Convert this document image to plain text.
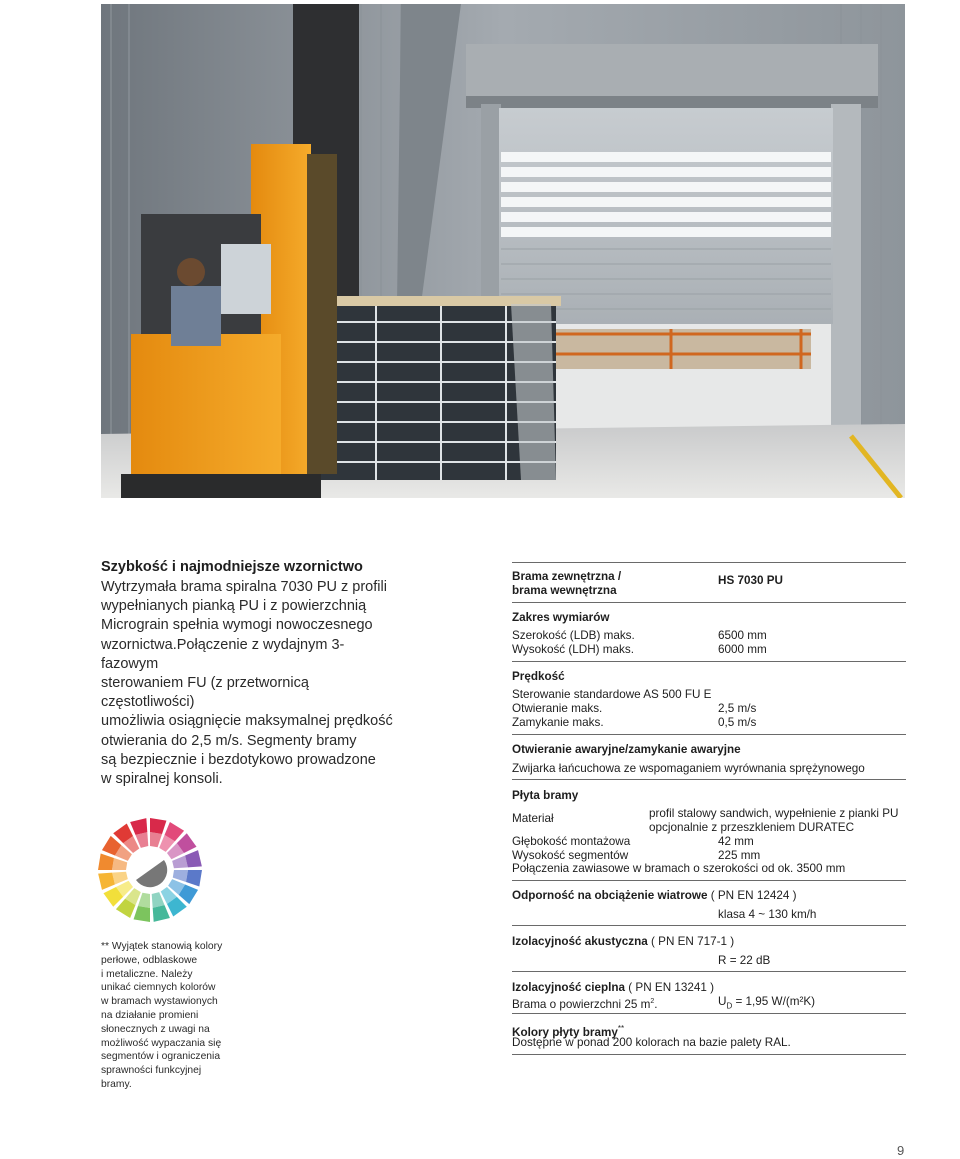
Szybkość i najmodniejsze wzornictwo
Wytrzymała brama spiralna 7030 PU z profili
wypełnianych pianką PU i z powierzchnią
Micrograin spełnia wymogi nowoczesnego
wzornictwa.Połączenie z wydajnym 3-fazowym
sterowaniem FU (z przetwornicą częstotliwości)
umożliwia osiągnięcie maksymalnej prędkość
otwierania do 2,5 m/s. Segmenty bramy
są bezpiecznie i bezdotykowo prowadzone
w spiralnej konsoli.
** Wyjątek stanowią kolory
perłowe, odblaskowe
i metaliczne. Należy
unikać ciemnych kolorów
w bramach wystawionych
na działanie promieni
słonecznych z uwagi na
możliwość wypaczania się
segmentów i ograniczenia
sprawności funkcyjnej
bramy.
Brama zewnętrzna /
brama wewnętrzna
HS 7030 PU
Zakres wymiarów
Szerokość (LDB) maks.	6500 mm
Wysokość (LDH) maks.	6000 mm
Prędkość
Sterowanie standardowe AS 500 FU E
Otwieranie maks.	2,5 m/s
Zamykanie maks.	0,5 m/s
Otwieranie awaryjne/zamykanie awaryjne
Zwijarka łańcuchowa ze wspomaganiem wyrównania sprężynowego
Płyta bramy
Materiał	profil stalowy sandwich, wypełnienie z pianki PU
opcjonalnie z przeszkleniem DURATEC
Głębokość montażowa	42 mm
Wysokość segmentów	225 mm
Połączenia zawiasowe w bramach o szerokości od ok. 3500 mm
Odporność na obciążenie wiatrowe ( PN EN 12424 )
klasa 4 ~ 130 km/h
Izolacyjność akustyczna ( PN EN 717-1 )
R = 22 dB
Izolacyjność cieplna ( PN EN 13241 )
Brama o powierzchni 25 $m^2$.	$U_D = 1,95$ W/(m²K)
Kolory płyty bramy**
Dostępne w ponad 200 kolorach na bazie palety RAL.
9
